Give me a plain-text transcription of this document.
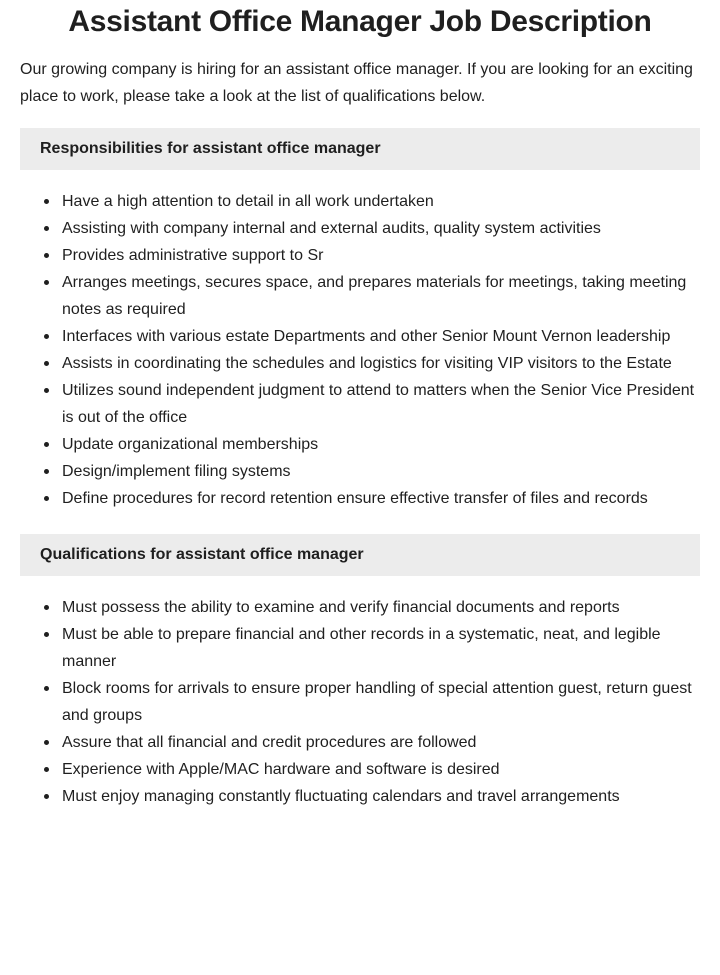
Assistant Office Manager Job Description

Our growing company is hiring for an assistant office manager. If you are looking for an exciting place to work, please take a look at the list of qualifications below.

Responsibilities for assistant office manager
Have a high attention to detail in all work undertaken
Assisting with company internal and external audits, quality system activities
Provides administrative support to Sr
Arranges meetings, secures space, and prepares materials for meetings, taking meeting notes as required
Interfaces with various estate Departments and other Senior Mount Vernon leadership
Assists in coordinating the schedules and logistics for visiting VIP visitors to the Estate
Utilizes sound independent judgment to attend to matters when the Senior Vice President is out of the office
Update organizational memberships
Design/implement filing systems
Define procedures for record retention ensure effective transfer of files and records
Qualifications for assistant office manager
Must possess the ability to examine and verify financial documents and reports
Must be able to prepare financial and other records in a systematic, neat, and legible manner
Block rooms for arrivals to ensure proper handling of special attention guest, return guest and groups
Assure that all financial and credit procedures are followed
Experience with Apple/MAC hardware and software is desired
Must enjoy managing constantly fluctuating calendars and travel arrangements
